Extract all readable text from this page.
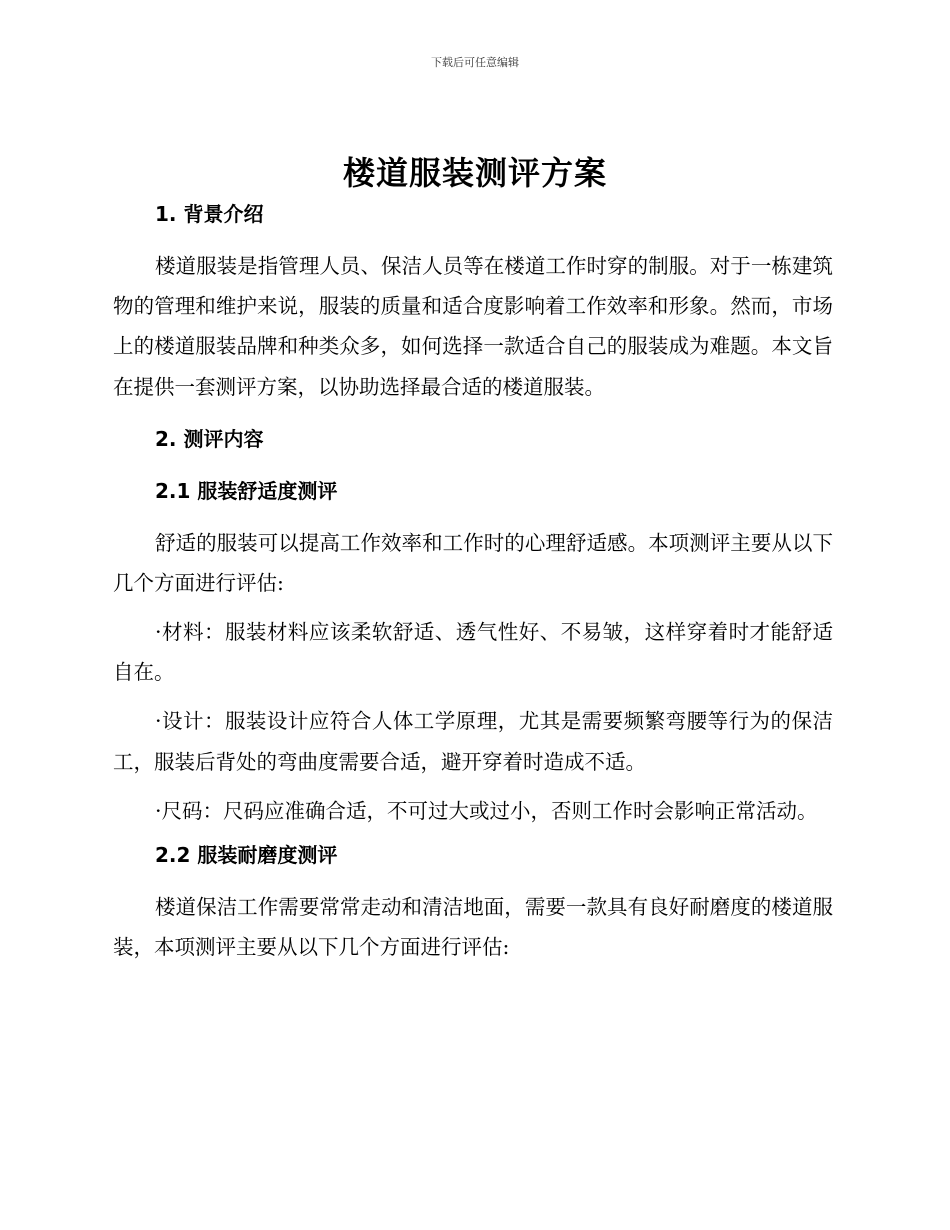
下载后可任意编辑
楼道服装测评方案
1. 背景介绍

楼道服装是指管理人员、保洁人员等在楼道工作时穿的制服。对于一栋建筑物的管理和维护来说，服装的质量和适合度影响着工作效率和形象。然而，市场上的楼道服装品牌和种类众多，如何选择一款适合自己的服装成为难题。本文旨在提供一套测评方案，以协助选择最合适的楼道服装。

2. 测评内容
2.1 服装舒适度测评

舒适的服装可以提高工作效率和工作时的心理舒适感。本项测评主要从以下几个方面进行评估:

·材料：服装材料应该柔软舒适、透气性好、不易皱，这样穿着时才能舒适自在。

·设计：服装设计应符合人体工学原理，尤其是需要频繁弯腰等行为的保洁工，服装后背处的弯曲度需要合适，避开穿着时造成不适。

·尺码：尺码应准确合适，不可过大或过小，否则工作时会影响正常活动。

2.2 服装耐磨度测评

楼道保洁工作需要常常走动和清洁地面，需要一款具有良好耐磨度的楼道服装，本项测评主要从以下几个方面进行评估:
